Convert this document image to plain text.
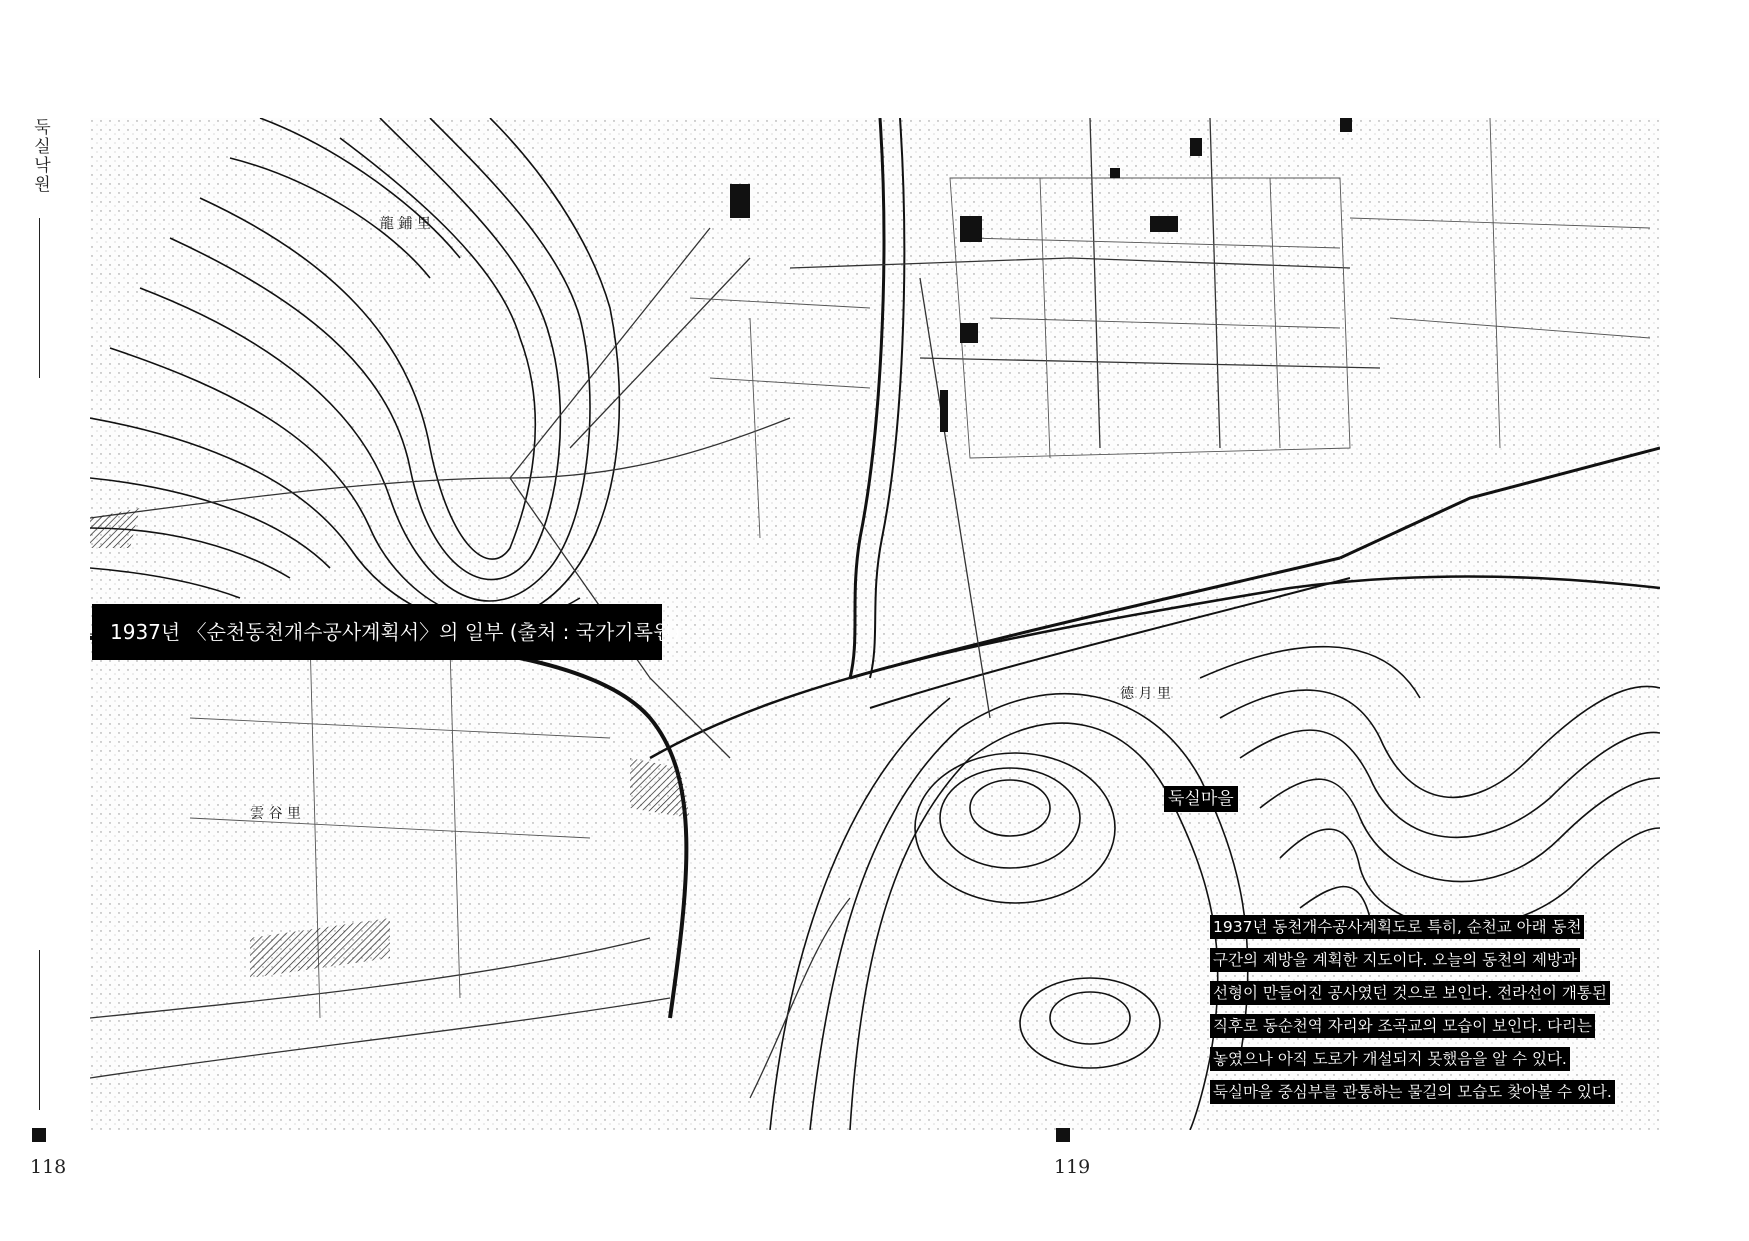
둑실낙원
龍 鋪 里
雲 谷 里
德 月 里
1937년 〈순천동천개수공사계획서〉의 일부 (출처 : 국가기록원)
둑실마을
1937년 동천개수공사계획도로 특히, 순천교 아래 동천
구간의 제방을 계획한 지도이다. 오늘의 동천의 제방과
선형이 만들어진 공사였던 것으로 보인다. 전라선이 개통된
직후로 동순천역 자리와 조곡교의 모습이 보인다. 다리는
놓였으나 아직 도로가 개설되지 못했음을 알 수 있다.
둑실마을 중심부를 관통하는 물길의 모습도 찾아볼 수 있다.
118	119
